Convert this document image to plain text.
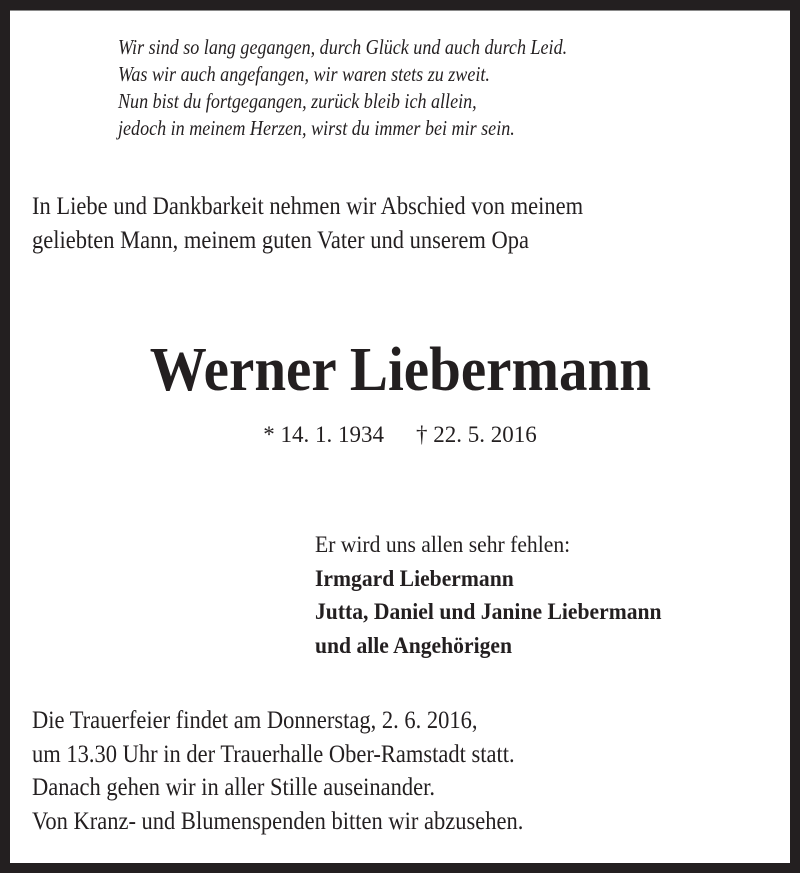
Wir sind so lang gegangen, durch Glück und auch durch Leid.
Was wir auch angefangen, wir waren stets zu zweit.
Nun bist du fortgegangen, zurück bleib ich allein,
jedoch in meinem Herzen, wirst du immer bei mir sein.
In Liebe und Dankbarkeit nehmen wir Abschied von meinem
geliebten Mann, meinem guten Vater und unserem Opa
Werner Liebermann
* 14. 1. 1934 † 22. 5. 2016
Er wird uns allen sehr fehlen:
Irmgard Liebermann
Jutta, Daniel und Janine Liebermann
und alle Angehörigen
Die Trauerfeier findet am Donnerstag, 2. 6. 2016,
um 13.30 Uhr in der Trauerhalle Ober-Ramstadt statt.
Danach gehen wir in aller Stille auseinander.
Von Kranz- und Blumenspenden bitten wir abzusehen.
